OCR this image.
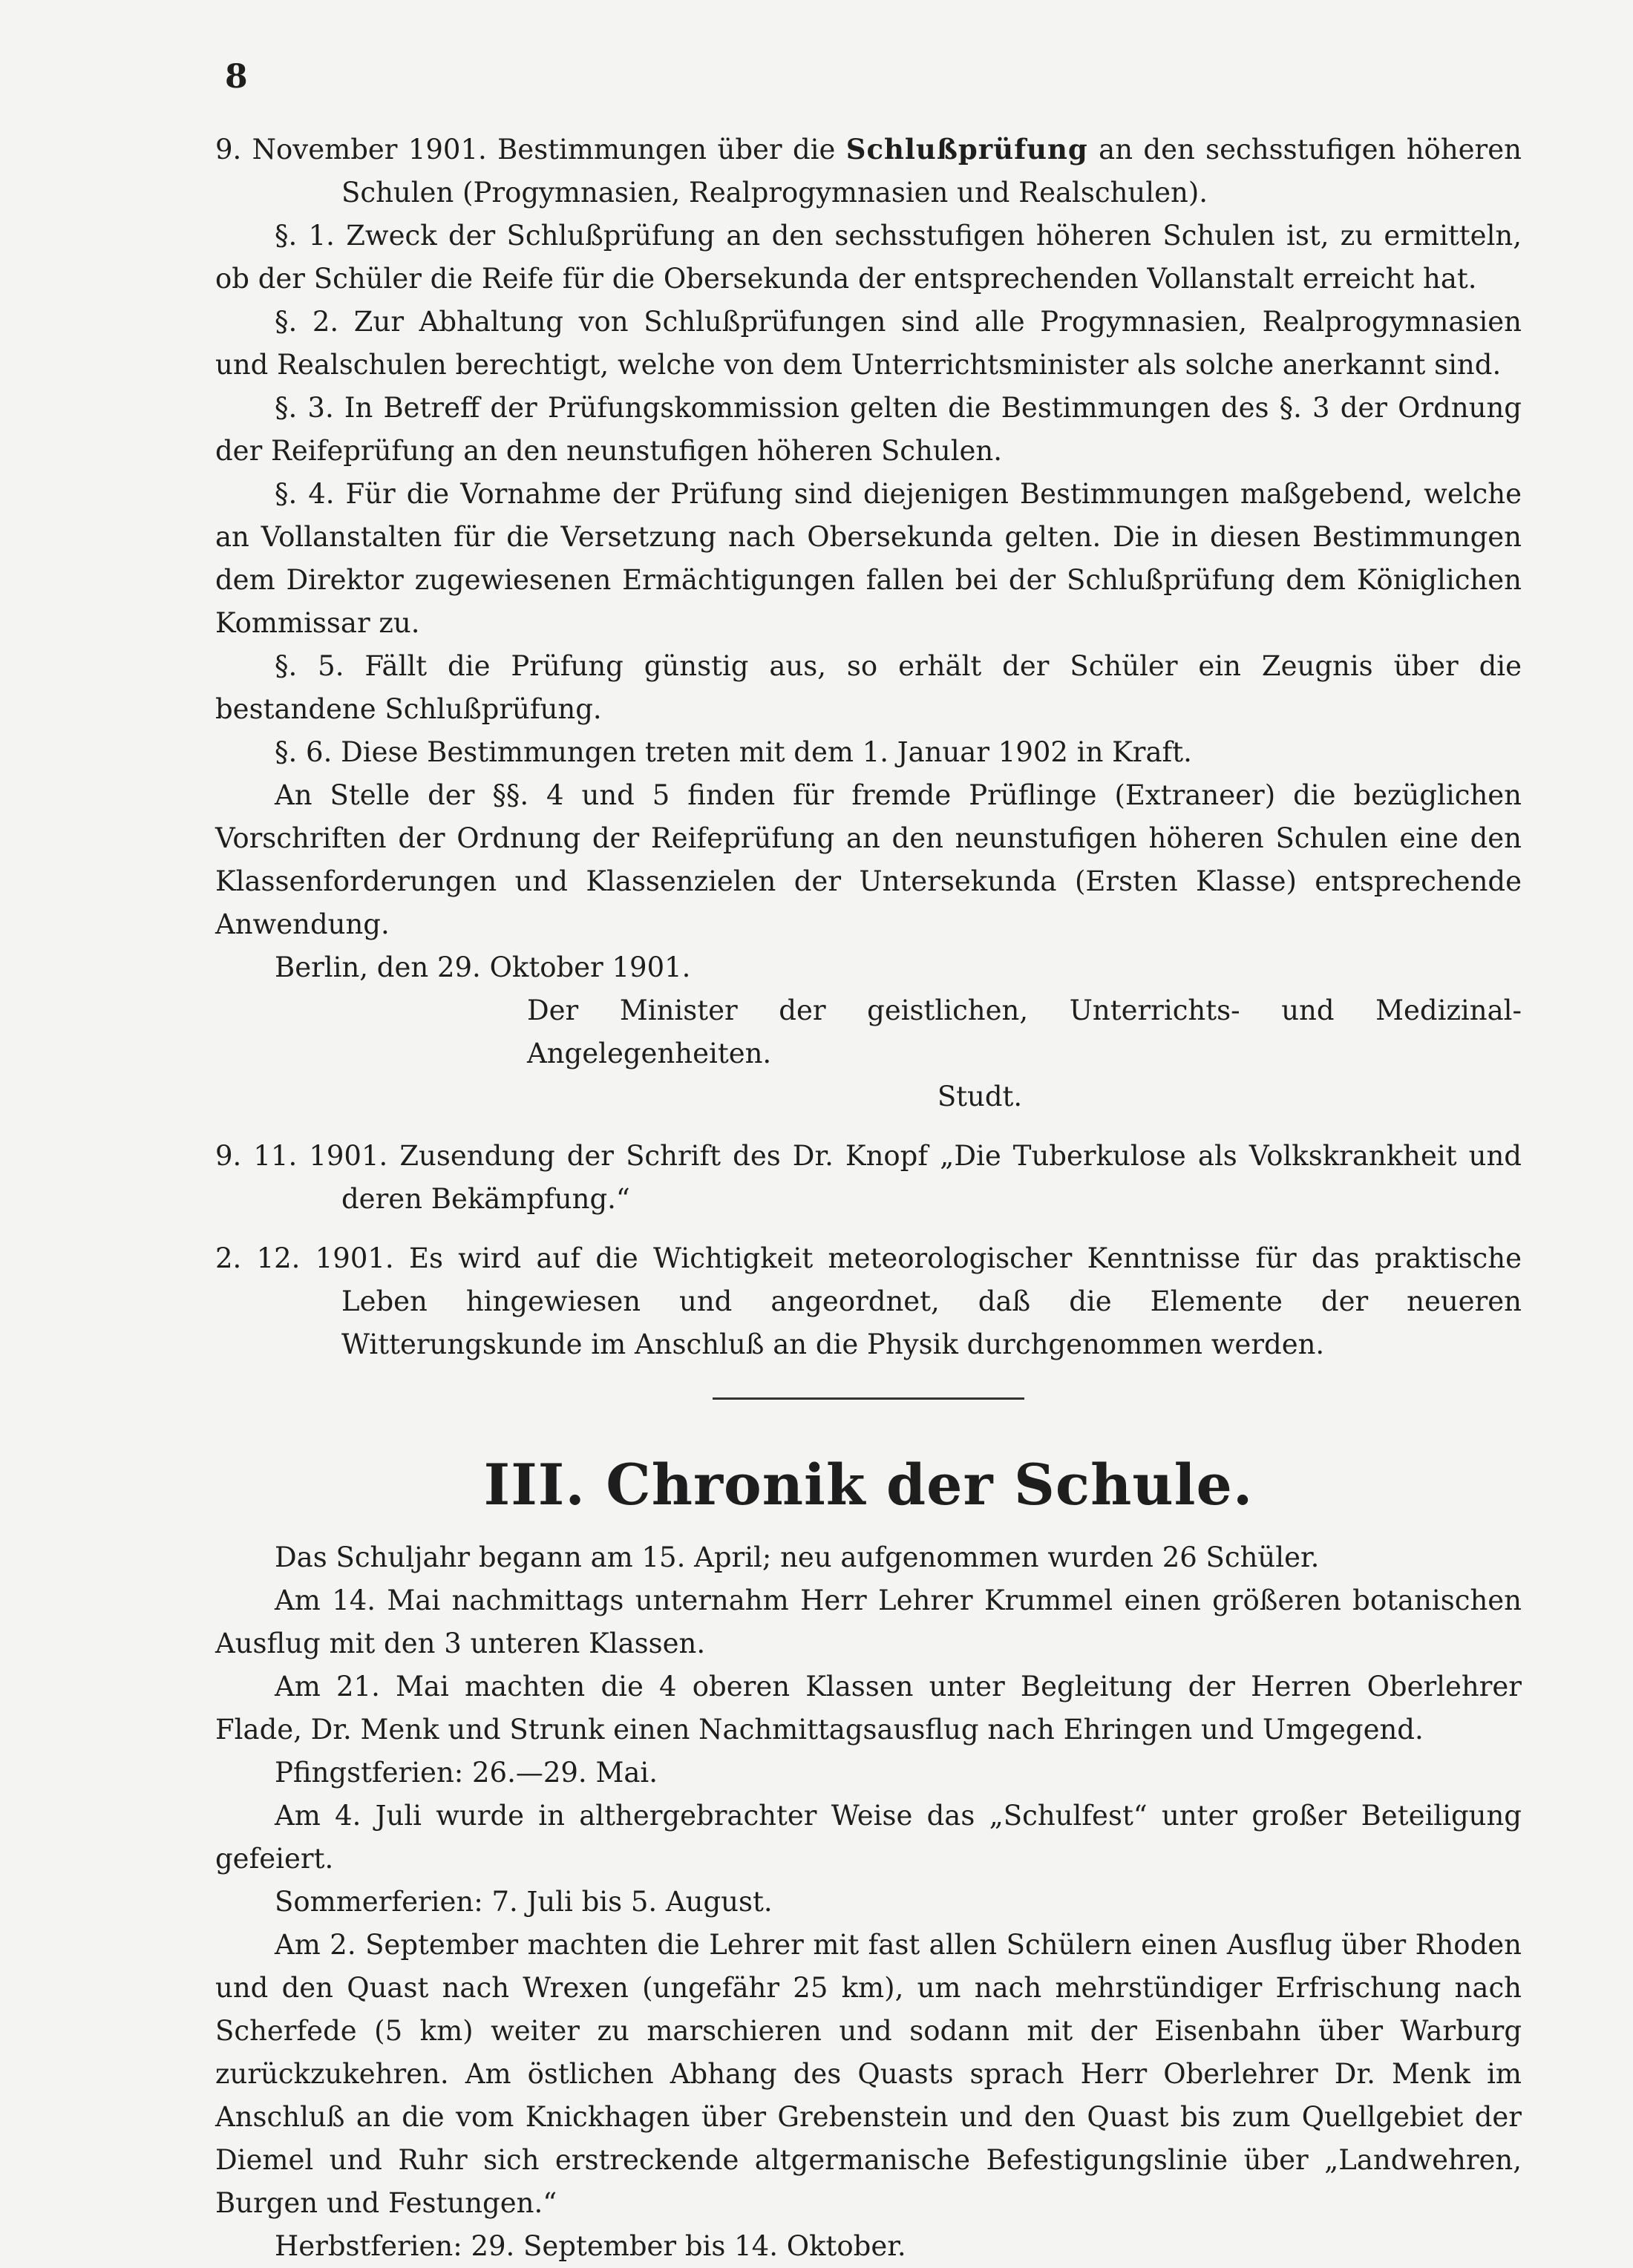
8

9. November 1901. Bestimmungen über die Schlußprüfung an den sechsstufigen höheren Schulen (Progymnasien, Realprogymnasien und Realschulen).

§. 1. Zweck der Schlußprüfung an den sechsstufigen höheren Schulen ist, zu ermitteln, ob der Schüler die Reife für die Obersekunda der entsprechenden Vollanstalt erreicht hat.

§. 2. Zur Abhaltung von Schlußprüfungen sind alle Progymnasien, Realprogymnasien und Realschulen berechtigt, welche von dem Unterrichtsminister als solche anerkannt sind.

§. 3. In Betreff der Prüfungskommission gelten die Bestimmungen des §. 3 der Ordnung der Reifeprüfung an den neunstufigen höheren Schulen.

§. 4. Für die Vornahme der Prüfung sind diejenigen Bestimmungen maßgebend, welche an Vollanstalten für die Versetzung nach Obersekunda gelten. Die in diesen Bestimmungen dem Direktor zugewiesenen Ermächtigungen fallen bei der Schlußprüfung dem Königlichen Kommissar zu.

§. 5. Fällt die Prüfung günstig aus, so erhält der Schüler ein Zeugnis über die bestandene Schlußprüfung.

§. 6. Diese Bestimmungen treten mit dem 1. Januar 1902 in Kraft.

An Stelle der §§. 4 und 5 finden für fremde Prüflinge (Extraneer) die bezüglichen Vorschriften der Ordnung der Reifeprüfung an den neunstufigen höheren Schulen eine den Klassenforderungen und Klassenzielen der Untersekunda (Ersten Klasse) entsprechende Anwendung.

Berlin, den 29. Oktober 1901.

Der Minister der geistlichen, Unterrichts- und Medizinal-Angelegenheiten.

Studt.

9. 11. 1901. Zusendung der Schrift des Dr. Knopf „Die Tuberkulose als Volkskrankheit und deren Bekämpfung.“

2. 12. 1901. Es wird auf die Wichtigkeit meteorologischer Kenntnisse für das praktische Leben hingewiesen und angeordnet, daß die Elemente der neueren Witterungskunde im Anschluß an die Physik durchgenommen werden.

III. Chronik der Schule.

Das Schuljahr begann am 15. April; neu aufgenommen wurden 26 Schüler.

Am 14. Mai nachmittags unternahm Herr Lehrer Krummel einen größeren botanischen Ausflug mit den 3 unteren Klassen.

Am 21. Mai machten die 4 oberen Klassen unter Begleitung der Herren Oberlehrer Flade, Dr. Menk und Strunk einen Nachmittagsausflug nach Ehringen und Umgegend.

Pfingstferien: 26.—29. Mai.

Am 4. Juli wurde in althergebrachter Weise das „Schulfest“ unter großer Beteiligung gefeiert.

Sommerferien: 7. Juli bis 5. August.

Am 2. September machten die Lehrer mit fast allen Schülern einen Ausflug über Rhoden und den Quast nach Wrexen (ungefähr 25 km), um nach mehrstündiger Erfrischung nach Scherfede (5 km) weiter zu marschieren und sodann mit der Eisenbahn über Warburg zurückzukehren. Am östlichen Abhang des Quasts sprach Herr Oberlehrer Dr. Menk im Anschluß an die vom Knickhagen über Grebenstein und den Quast bis zum Quellgebiet der Diemel und Ruhr sich erstreckende altgermanische Befestigungslinie über „Landwehren, Burgen und Festungen.“

Herbstferien: 29. September bis 14. Oktober.
